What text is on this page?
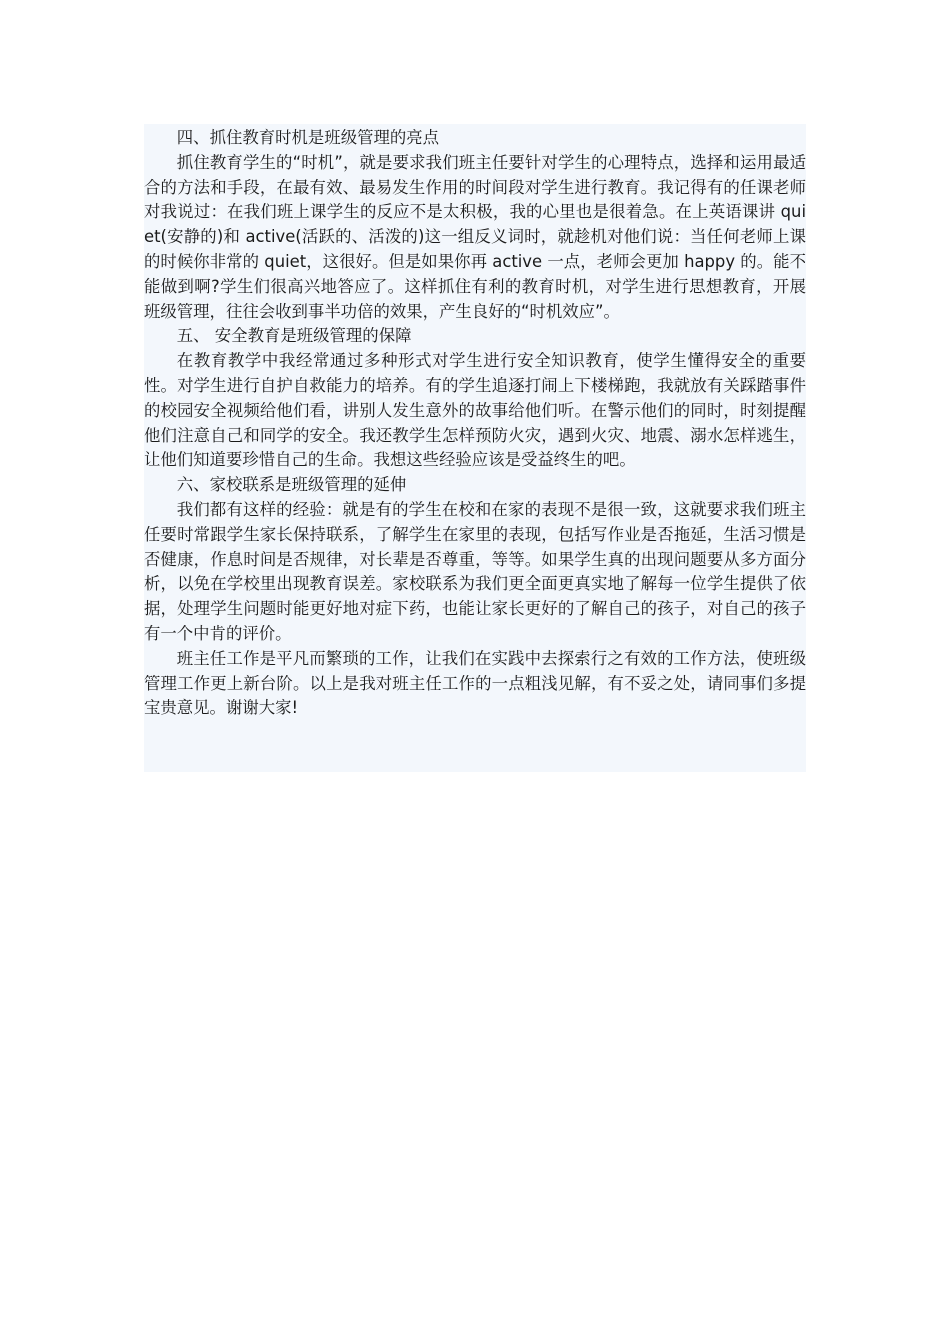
四、抓住教育时机是班级管理的亮点

抓住教育学生的“时机”，就是要求我们班主任要针对学生的心理特点，选择和运用最适合的方法和手段，在最有效、最易发生作用的时间段对学生进行教育。我记得有的任课老师对我说过：在我们班上课学生的反应不是太积极，我的心里也是很着急。在上英语课讲 quiet(安静的)和 active(活跃的、活泼的)这一组反义词时，就趁机对他们说：当任何老师上课的时候你非常的 quiet，这很好。但是如果你再 active 一点，老师会更加 happy 的。能不能做到啊?学生们很高兴地答应了。这样抓住有利的教育时机，对学生进行思想教育，开展班级管理，往往会收到事半功倍的效果，产生良好的“时机效应”。

五、 安全教育是班级管理的保障

在教育教学中我经常通过多种形式对学生进行安全知识教育，使学生懂得安全的重要性。对学生进行自护自救能力的培养。有的学生追逐打闹上下楼梯跑，我就放有关踩踏事件的校园安全视频给他们看，讲别人发生意外的故事给他们听。在警示他们的同时，时刻提醒他们注意自己和同学的安全。我还教学生怎样预防火灾，遇到火灾、地震、溺水怎样逃生，让他们知道要珍惜自己的生命。我想这些经验应该是受益终生的吧。

六、家校联系是班级管理的延伸

我们都有这样的经验：就是有的学生在校和在家的表现不是很一致，这就要求我们班主任要时常跟学生家长保持联系，了解学生在家里的表现，包括写作业是否拖延，生活习惯是否健康，作息时间是否规律，对长辈是否尊重，等等。如果学生真的出现问题要从多方面分析，以免在学校里出现教育误差。家校联系为我们更全面更真实地了解每一位学生提供了依据，处理学生问题时能更好地对症下药，也能让家长更好的了解自己的孩子，对自己的孩子有一个中肯的评价。

班主任工作是平凡而繁琐的工作，让我们在实践中去探索行之有效的工作方法，使班级管理工作更上新台阶。以上是我对班主任工作的一点粗浅见解，有不妥之处，请同事们多提宝贵意见。谢谢大家!
